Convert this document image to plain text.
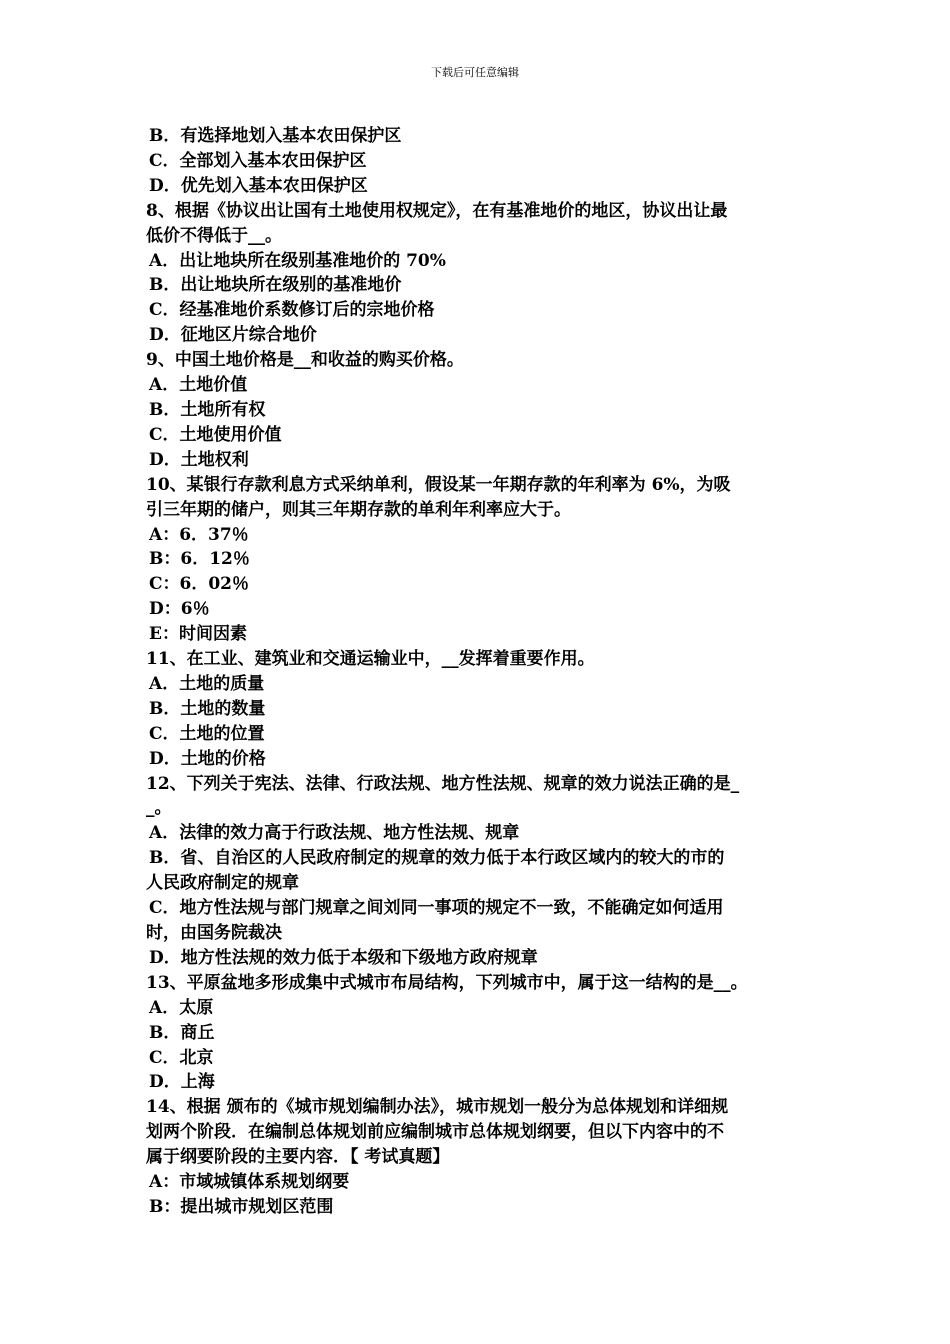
下载后可任意编辑
B．有选择地划入基本农田保护区
C．全部划入基本农田保护区
D．优先划入基本农田保护区
8、根据《协议出让国有土地使用权规定》，在有基准地价的地区，协议出让最
低价不得低于__。
A．出让地块所在级别基准地价的 70%
B．出让地块所在级别的基准地价
C．经基准地价系数修订后的宗地价格
D．征地区片综合地价
9、中国土地价格是__和收益的购买价格。
A．土地价值
B．土地所有权
C．土地使用价值
D．土地权利
10、某银行存款利息方式采纳单利，假设某一年期存款的年利率为 6%，为吸
引三年期的储户，则其三年期存款的单利年利率应大于。
A：6．37％
B：6．12％
C：6．02％
D：6％
E：时间因素
11、在工业、建筑业和交通运输业中，__发挥着重要作用。
A．土地的质量
B．土地的数量
C．土地的位置
D．土地的价格
12、下列关于宪法、法律、行政法规、地方性法规、规章的效力说法正确的是_
_。
A．法律的效力高于行政法规、地方性法规、规章
B．省、自治区的人民政府制定的规章的效力低于本行政区域内的较大的市的
人民政府制定的规章
C．地方性法规与部门规章之间刘同一事项的规定不一致，不能确定如何适用
时，由国务院裁决
D．地方性法规的效力低于本级和下级地方政府规章
13、平原盆地多形成集中式城市布局结构，下列城市中，属于这一结构的是__。
A．太原
B．商丘
C．北京
D．上海
14、根据 颁布的《城市规划编制办法》，城市规划一般分为总体规划和详细规
划两个阶段．在编制总体规划前应编制城市总体规划纲要，但以下内容中的不
属于纲要阶段的主要内容．【 考试真题】
A：市域城镇体系规划纲要
B：提出城市规划区范围
